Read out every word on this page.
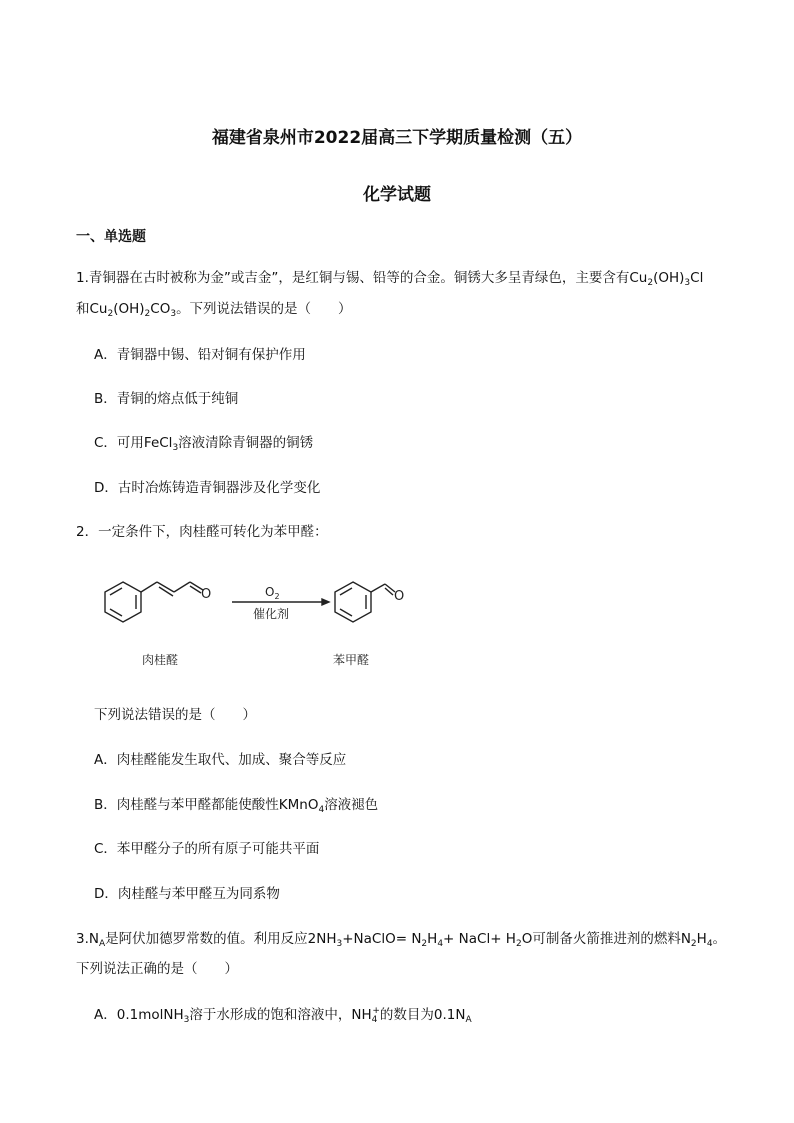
福建省泉州市2022届高三下学期质量检测（五）
化学试题
一、单选题
1.青铜器在古时被称为金”或吉金”，是红铜与锡、铅等的合金。铜锈大多呈青绿色，主要含有$Cu_2(OH)_3Cl$
和$Cu_2(OH)_2CO_3$。下列说法错误的是（　　）
A．青铜器中锡、铅对铜有保护作用
B．青铜的熔点低于纯铜
C．可用FeCl$_3$溶液清除青铜器的铜锈
D．古时冶炼铸造青铜器涉及化学变化
2．一定条件下，肉桂醛可转化为苯甲醛：
O	O
$O_2$
催化剂
肉桂醛	苯甲醛
下列说法错误的是（　　）
A．肉桂醛能发生取代、加成、聚合等反应
B．肉桂醛与苯甲醛都能使酸性KMnO$_4$溶液褪色
C．苯甲醛分子的所有原子可能共平面
D．肉桂醛与苯甲醛互为同系物
$3.N_A$是阿伏加德罗常数的值。利用反应$2NH_3+NaClO= N_2H_4+$ NaCl+ $H_2O$可制备火箭推进剂的燃料$N_2H_4$。
下列说法正确的是（　　）
A．0.1molNH$_3$溶于水形成的饱和溶液中，$NH_4^+$的数目为$0.1N_A$
